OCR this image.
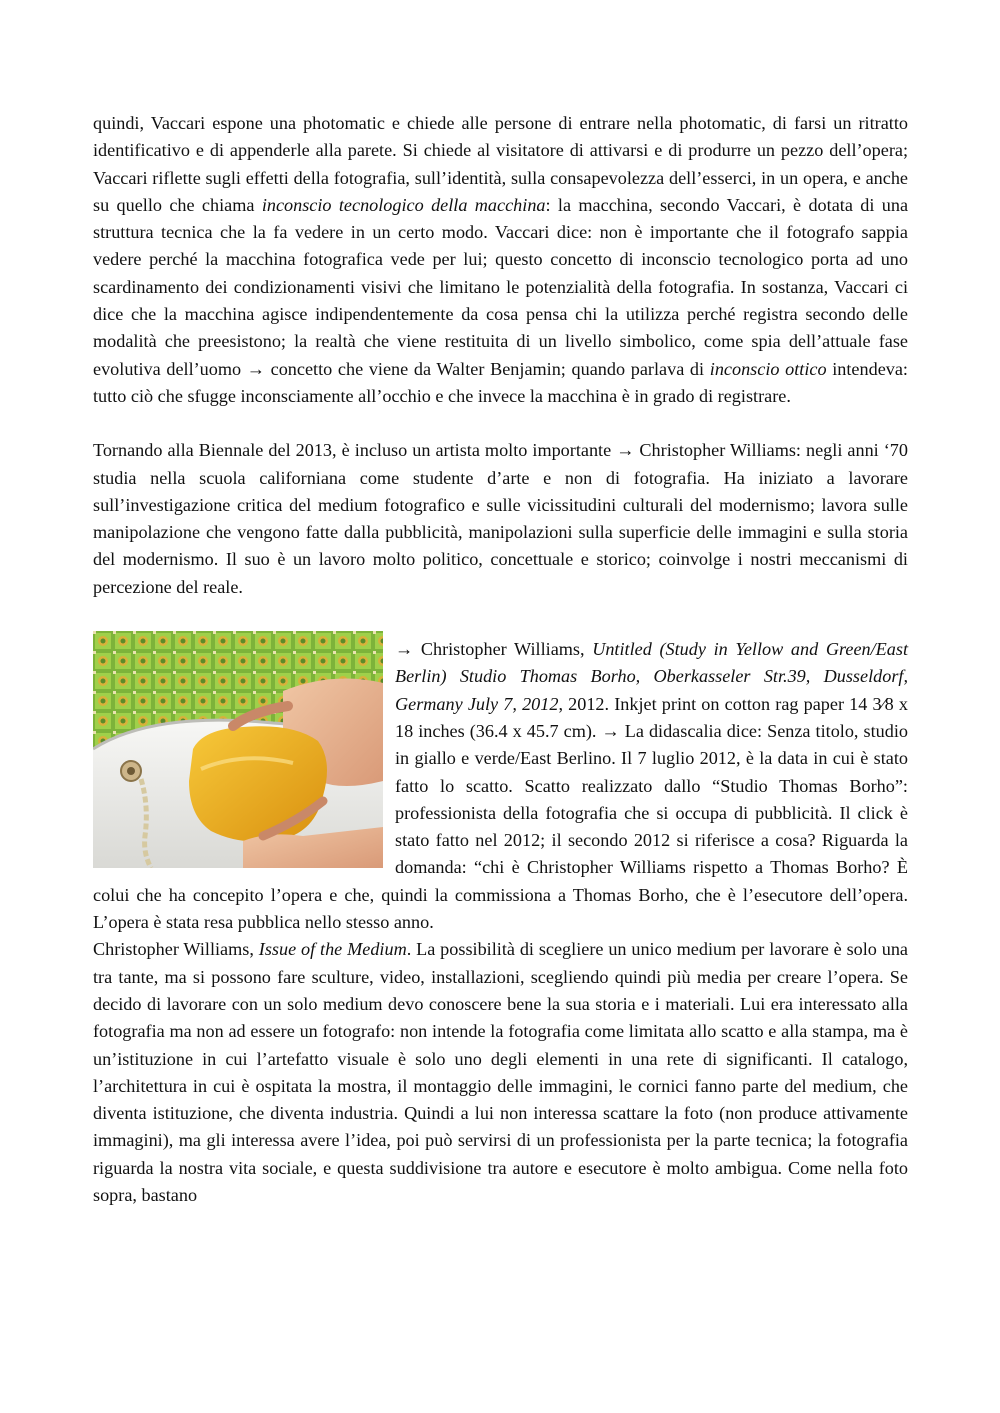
quindi, Vaccari espone una photomatic e chiede alle persone di entrare nella photomatic, di farsi un ritratto identificativo e di appenderle alla parete. Si chiede al visitatore di attivarsi e di produrre un pezzo dell’opera; Vaccari riflette sugli effetti della fotografia, sull’identità, sulla consapevolezza dell’esserci, in un opera, e anche su quello che chiama inconscio tecnologico della macchina: la macchina, secondo Vaccari, è dotata di una struttura tecnica che la fa vedere in un certo modo. Vaccari dice: non è importante che il fotografo sappia vedere perché la macchina fotografica vede per lui; questo concetto di inconscio tecnologico porta ad uno scardinamento dei condizionamenti visivi che limitano le potenzialità della fotografia. In sostanza, Vaccari ci dice che la macchina agisce indipendentemente da cosa pensa chi la utilizza perché registra secondo delle modalità che preesistono; la realtà che viene restituita di un livello simbolico, come spia dell’attuale fase evolutiva dell’uomo → concetto che viene da Walter Benjamin; quando parlava di inconscio ottico intendeva: tutto ciò che sfugge inconsciamente all’occhio e che invece la macchina è in grado di registrare.

Tornando alla Biennale del 2013, è incluso un artista molto importante → Christopher Williams: negli anni ‘70 studia nella scuola californiana come studente d’arte e non di fotografia. Ha iniziato a lavorare sull’investigazione critica del medium fotografico e sulle vicissitudini culturali del modernismo; lavora sulle manipolazione che vengono fatte dalla pubblicità, manipolazioni sulla superficie delle immagini e sulla storia del modernismo. Il suo è un lavoro molto politico, concettuale e storico; coinvolge i nostri meccanismi di percezione del reale.

→ Christopher Williams, Untitled (Study in Yellow and Green/East Berlin) Studio Thomas Borho, Oberkasseler Str.39, Dusseldorf, Germany July 7, 2012, 2012. Inkjet print on cotton rag paper 14 3⁄8 x 18 inches (36.4 x 45.7 cm). → La didascalia dice: Senza titolo, studio in giallo e verde/East Berlino. Il 7 luglio 2012, è la data in cui è stato fatto lo scatto. Scatto realizzato dallo “Studio Thomas Borho”: professionista della fotografia che si occupa di pubblicità. Il click è stato fatto nel 2012; il secondo 2012 si riferisce a cosa? Riguarda la domanda: “chi è Christopher Williams rispetto a Thomas Borho? È colui che ha concepito l’opera e che, quindi la commissiona a Thomas Borho, che è l’esecutore dell’opera. L’opera è stata resa pubblica nello stesso anno.

Christopher Williams, Issue of the Medium. La possibilità di scegliere un unico medium per lavorare è solo una tra tante, ma si possono fare sculture, video, installazioni, scegliendo quindi più media per creare l’opera. Se decido di lavorare con un solo medium devo conoscere bene la sua storia e i materiali. Lui era interessato alla fotografia ma non ad essere un fotografo: non intende la fotografia come limitata allo scatto e alla stampa, ma è un’istituzione in cui l’artefatto visuale è solo uno degli elementi in una rete di significanti. Il catalogo, l’architettura in cui è ospitata la mostra, il montaggio delle immagini, le cornici fanno parte del medium, che diventa istituzione, che diventa industria. Quindi a lui non interessa scattare la foto (non produce attivamente immagini), ma gli interessa avere l’idea, poi può servirsi di un professionista per la parte tecnica; la fotografia riguarda la nostra vita sociale, e questa suddivisione tra autore e esecutore è molto ambigua. Come nella foto sopra, bastano
